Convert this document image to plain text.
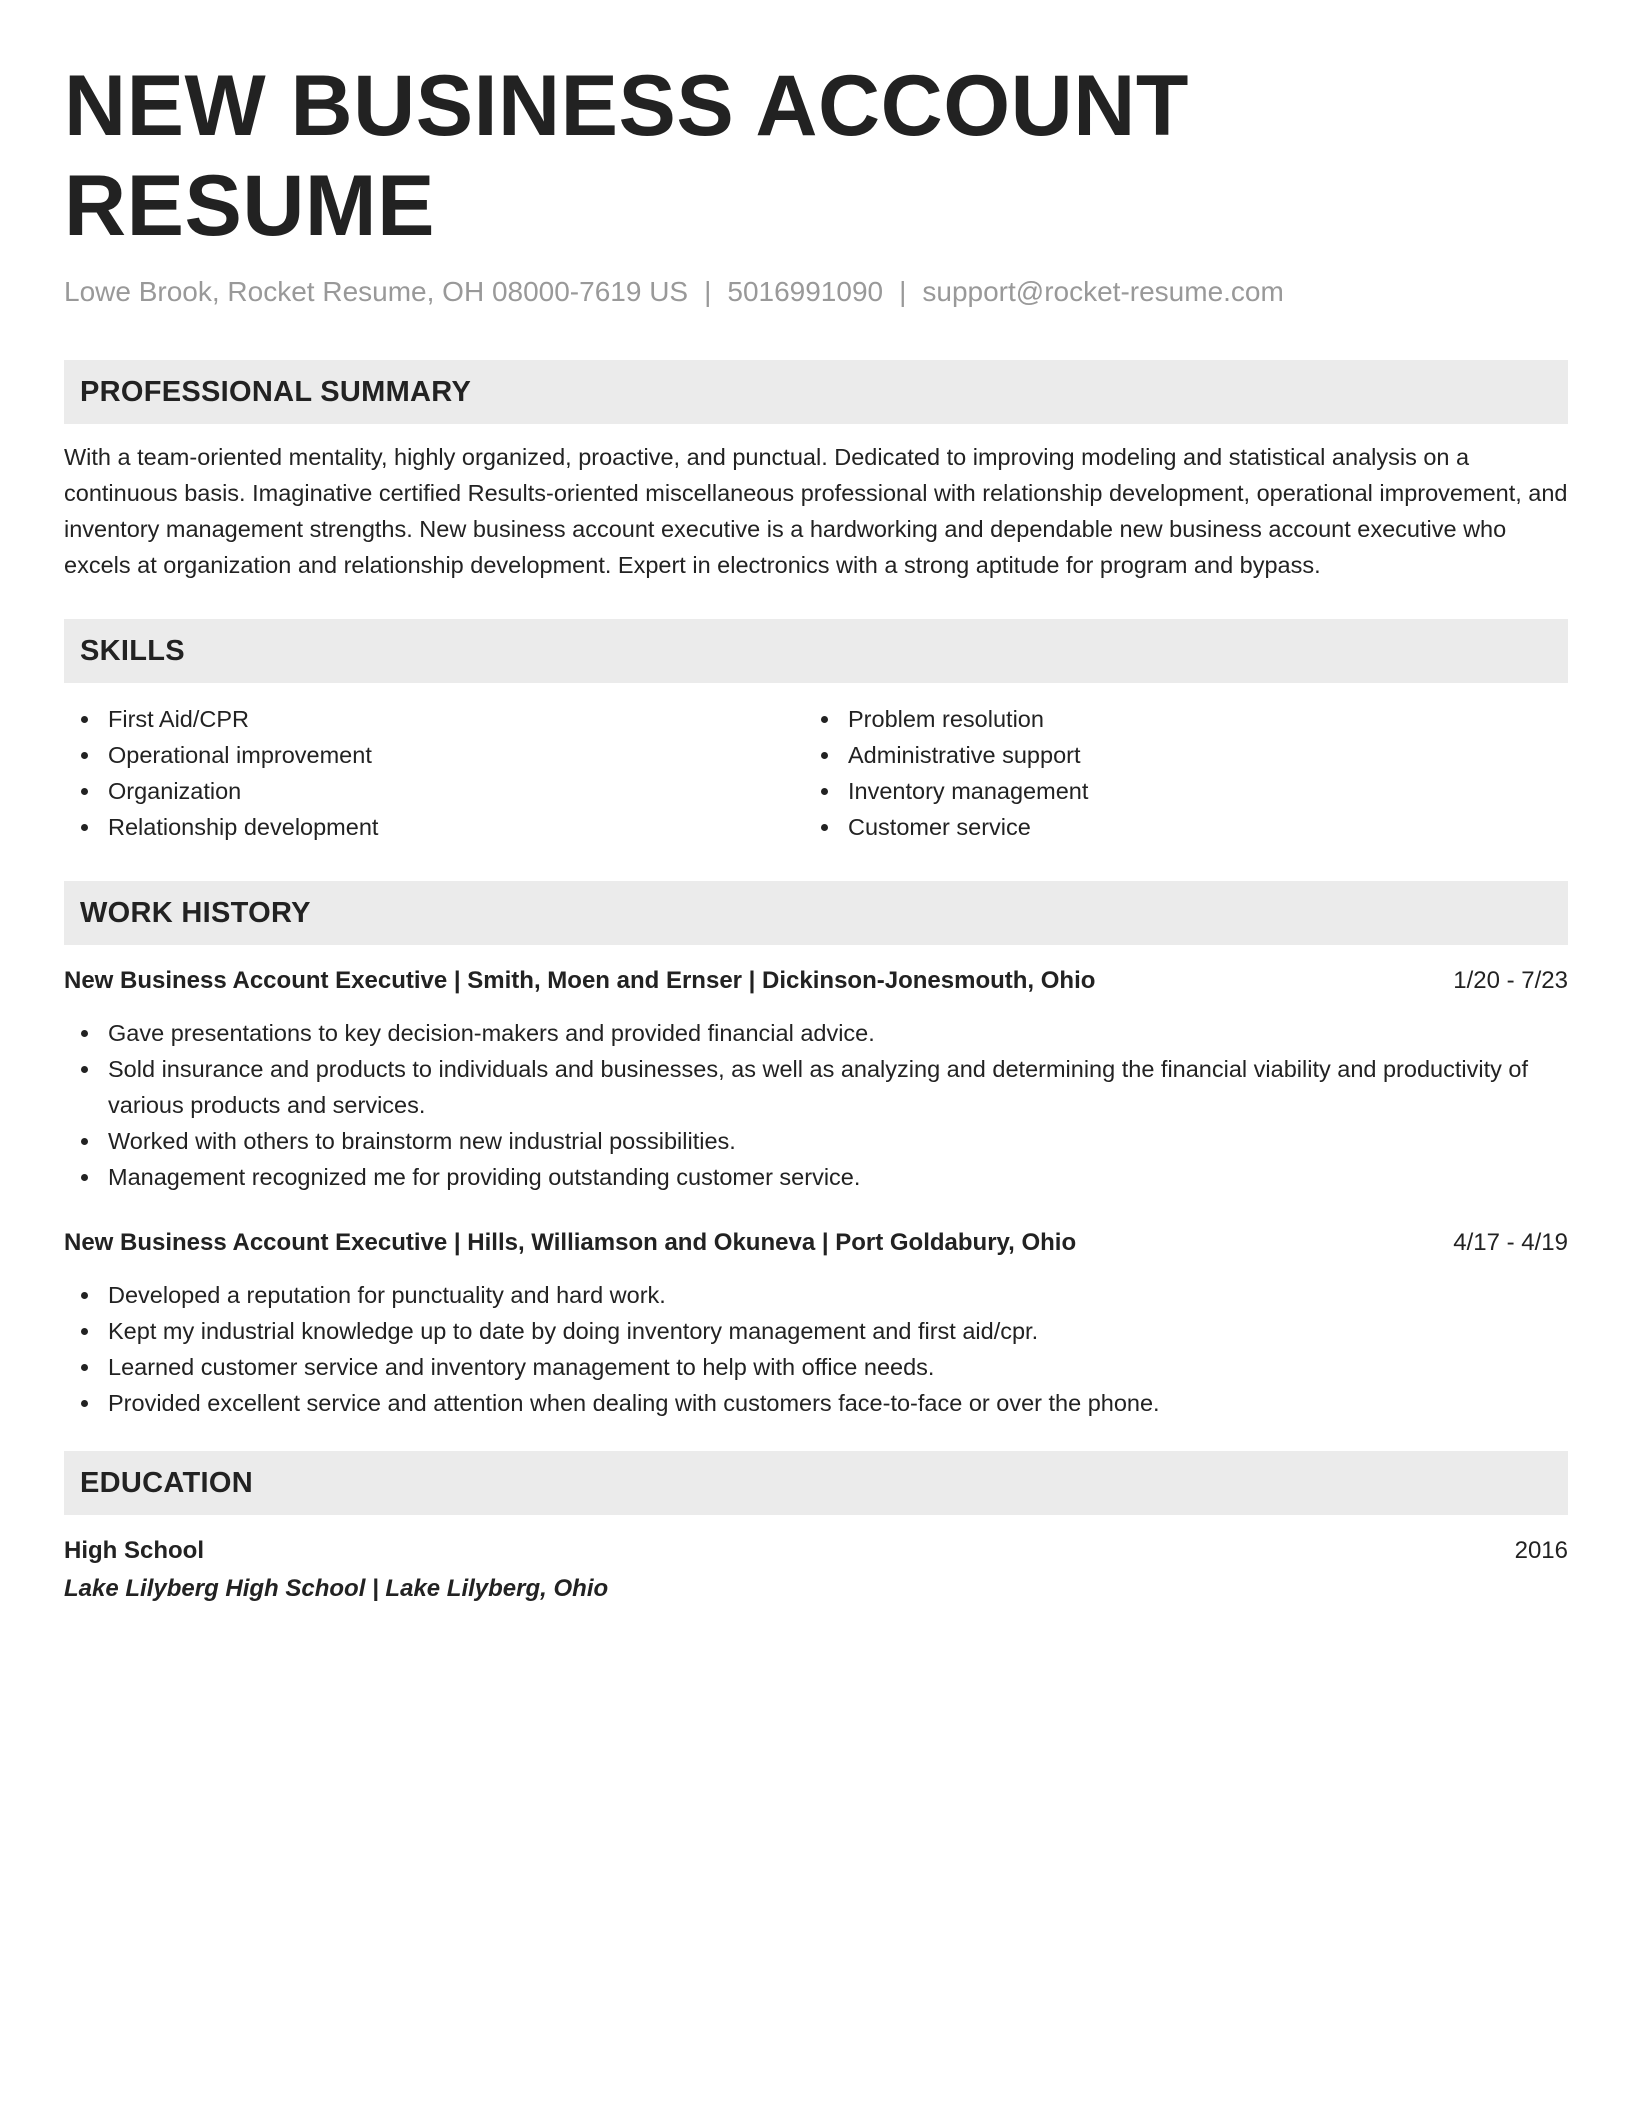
NEW BUSINESS ACCOUNT RESUME
Lowe Brook, Rocket Resume, OH 08000-7619 US | 5016991090 | support@rocket-resume.com
PROFESSIONAL SUMMARY

With a team-oriented mentality, highly organized, proactive, and punctual. Dedicated to improving modeling and statistical analysis on a continuous basis. Imaginative certified Results-oriented miscellaneous professional with relationship development, operational improvement, and inventory management strengths. New business account executive is a hardworking and dependable new business account executive who excels at organization and relationship development. Expert in electronics with a strong aptitude for program and bypass.

SKILLS
First Aid/CPR
Operational improvement
Organization
Relationship development
Problem resolution
Administrative support
Inventory management
Customer service
WORK HISTORY
New Business Account Executive | Smith, Moen and Ernser | Dickinson-Jonesmouth, Ohio	1/20 - 7/23
Gave presentations to key decision-makers and provided financial advice.
Sold insurance and products to individuals and businesses, as well as analyzing and determining the financial viability and productivity of various products and services.
Worked with others to brainstorm new industrial possibilities.
Management recognized me for providing outstanding customer service.
New Business Account Executive | Hills, Williamson and Okuneva | Port Goldabury, Ohio	4/17 - 4/19
Developed a reputation for punctuality and hard work.
Kept my industrial knowledge up to date by doing inventory management and first aid/cpr.
Learned customer service and inventory management to help with office needs.
Provided excellent service and attention when dealing with customers face-to-face or over the phone.
EDUCATION
High School	2016
Lake Lilyberg High School | Lake Lilyberg, Ohio
